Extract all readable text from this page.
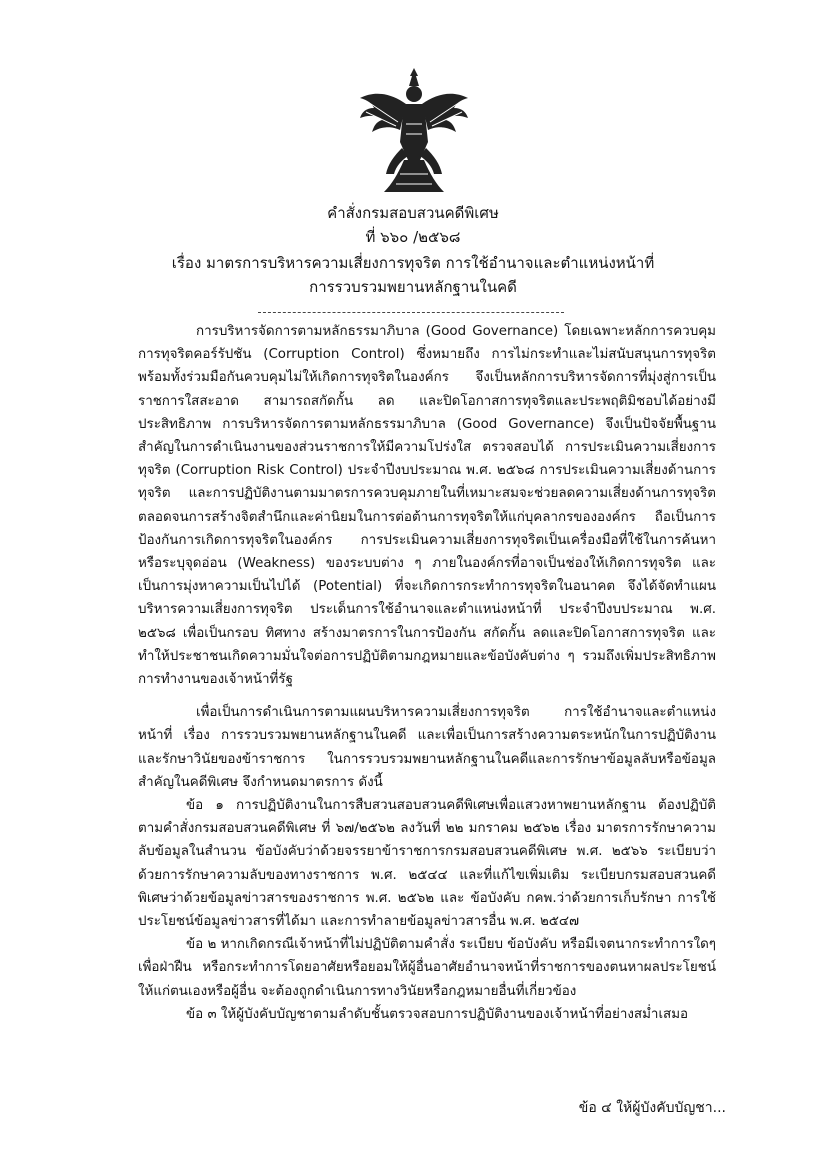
คำสั่งกรมสอบสวนคดีพิเศษ
ที่ ๖๖๐ /๒๕๖๘
เรื่อง มาตรการบริหารความเสี่ยงการทุจริต การใช้อำนาจและตำแหน่งหน้าที่
การรวบรวมพยานหลักฐานในคดี

การบริหารจัดการตามหลักธรรมาภิบาล (Good Governance) โดยเฉพาะหลักการควบคุมการทุจริตคอร์รัปชัน (Corruption Control) ซึ่งหมายถึง การไม่กระทำและไม่สนับสนุนการทุจริต พร้อมทั้งร่วมมือกันควบคุมไม่ให้เกิดการทุจริตในองค์กร จึงเป็นหลักการบริหารจัดการที่มุ่งสู่การเป็นราชการใสสะอาด สามารถสกัดกั้น ลด และปิดโอกาสการทุจริตและประพฤติมิชอบได้อย่างมีประสิทธิภาพ การบริหารจัดการตามหลักธรรมาภิบาล (Good Governance) จึงเป็นปัจจัยพื้นฐานสำคัญในการดำเนินงานของส่วนราชการให้มีความโปร่งใส ตรวจสอบได้ การประเมินความเสี่ยงการทุจริต (Corruption Risk Control) ประจำปีงบประมาณ พ.ศ. ๒๕๖๘ การประเมินความเสี่ยงด้านการทุจริต และการปฏิบัติงานตามมาตรการควบคุมภายในที่เหมาะสมจะช่วยลดความเสี่ยงด้านการทุจริต ตลอดจนการสร้างจิตสำนึกและค่านิยมในการต่อต้านการทุจริตให้แก่บุคลากรขององค์กร ถือเป็นการป้องกันการเกิดการทุจริตในองค์กร การประเมินความเสี่ยงการทุจริตเป็นเครื่องมือที่ใช้ในการค้นหา หรือระบุจุดอ่อน (Weakness) ของระบบต่าง ๆ ภายในองค์กรที่อาจเป็นช่องให้เกิดการทุจริต และเป็นการมุ่งหาความเป็นไปได้ (Potential) ที่จะเกิดการกระทำการทุจริตในอนาคต จึงได้จัดทำแผนบริหารความเสี่ยงการทุจริต ประเด็นการใช้อำนาจและตำแหน่งหน้าที่ ประจำปีงบประมาณ พ.ศ. ๒๕๖๘ เพื่อเป็นกรอบ ทิศทาง สร้างมาตรการในการป้องกัน สกัดกั้น ลดและปิดโอกาสการทุจริต และทำให้ประชาชนเกิดความมั่นใจต่อการปฏิบัติตามกฎหมายและข้อบังคับต่าง ๆ รวมถึงเพิ่มประสิทธิภาพการทำงานของเจ้าหน้าที่รัฐ

เพื่อเป็นการดำเนินการตามแผนบริหารความเสี่ยงการทุจริต การใช้อำนาจและตำแหน่งหน้าที่ เรื่อง การรวบรวมพยานหลักฐานในคดี และเพื่อเป็นการสร้างความตระหนักในการปฏิบัติงานและรักษาวินัยของข้าราชการ ในการรวบรวมพยานหลักฐานในคดีและการรักษาข้อมูลลับหรือข้อมูลสำคัญในคดีพิเศษ จึงกำหนดมาตรการ ดังนี้

ข้อ ๑ การปฏิบัติงานในการสืบสวนสอบสวนคดีพิเศษเพื่อแสวงหาพยานหลักฐาน ต้องปฏิบัติตามคำสั่งกรมสอบสวนคดีพิเศษ ที่ ๖๗/๒๕๖๒ ลงวันที่ ๒๒ มกราคม ๒๕๖๒ เรื่อง มาตรการรักษาความลับข้อมูลในสำนวน ข้อบังคับว่าด้วยจรรยาข้าราชการกรมสอบสวนคดีพิเศษ พ.ศ. ๒๕๖๖ ระเบียบว่าด้วยการรักษาความลับของทางราชการ พ.ศ. ๒๕๔๔ และที่แก้ไขเพิ่มเติม ระเบียบกรมสอบสวนคดีพิเศษว่าด้วยข้อมูลข่าวสารของราชการ พ.ศ. ๒๕๖๒ และ ข้อบังคับ กคพ.ว่าด้วยการเก็บรักษา การใช้ประโยชน์ข้อมูลข่าวสารที่ได้มา และการทำลายข้อมูลข่าวสารอื่น พ.ศ. ๒๕๔๗

ข้อ ๒ หากเกิดกรณีเจ้าหน้าที่ไม่ปฏิบัติตามคำสั่ง ระเบียบ ข้อบังคับ หรือมีเจตนากระทำการใดๆ เพื่อฝ่าฝืน หรือกระทำการโดยอาศัยหรือยอมให้ผู้อื่นอาศัยอำนาจหน้าที่ราชการของตนหาผลประโยชน์ให้แก่ตนเองหรือผู้อื่น จะต้องถูกดำเนินการทางวินัยหรือกฎหมายอื่นที่เกี่ยวข้อง

ข้อ ๓ ให้ผู้บังคับบัญชาตามลำดับชั้นตรวจสอบการปฏิบัติงานของเจ้าหน้าที่อย่างสม่ำเสมอ

ข้อ ๔ ให้ผู้บังคับบัญชา...
